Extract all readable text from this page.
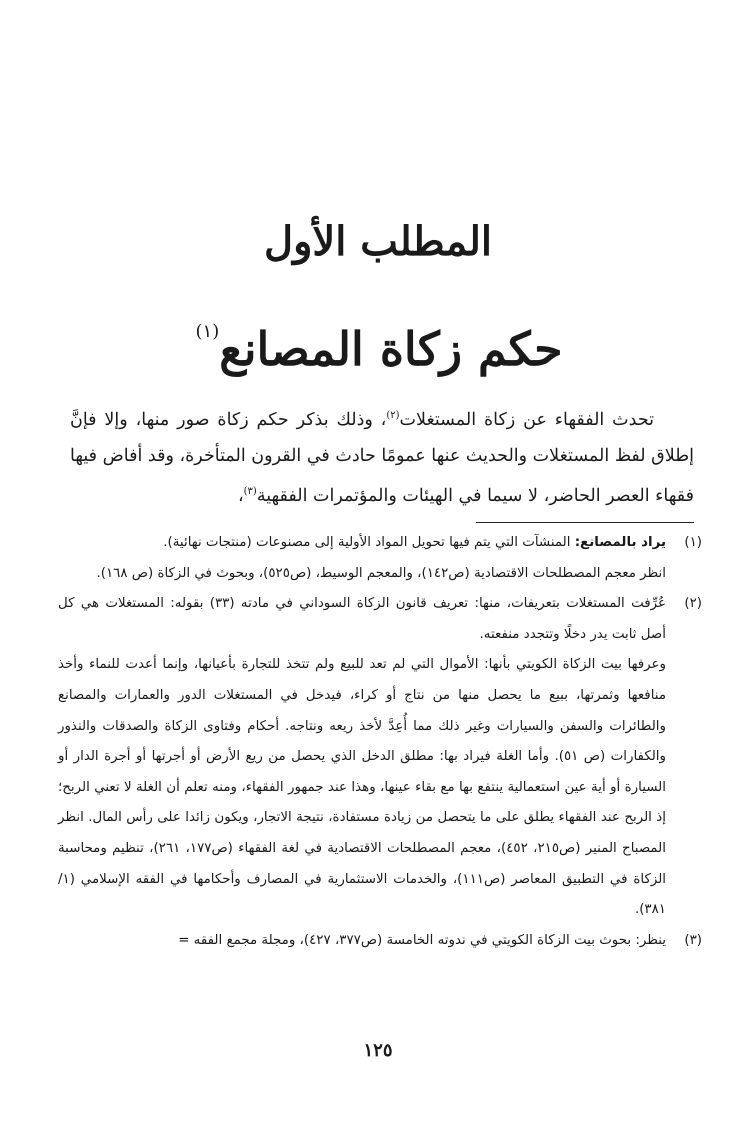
المطلب الأول
حكم زكاة المصانع$^{(١)}$

تحدث الفقهاء عن زكاة المستغلات$^{(٢)}$، وذلك بذكر حكم زكاة صور منها، وإلا فإنَّ إطلاق لفظ المستغلات والحديث عنها عمومًا حادث في القرون المتأخرة، وقد أفاض فيها فقهاء العصر الحاضر، لا سيما في الهيئات والمؤتمرات الفقهية$^{(٣)}$،

(١)

يراد بالمصانع: المنشآت التي يتم فيها تحويل المواد الأولية إلى مصنوعات (منتجات نهائية).

انظر معجم المصطلحات الاقتصادية (ص١٤٢)، والمعجم الوسيط، (ص٥٢٥)، وبحوث في الزكاة (ص ١٦٨).

(٢)

عُرِّفت المستغلات بتعريفات، منها: تعريف قانون الزكاة السوداني في مادته (٣٣) بقوله: المستغلات هي كل أصل ثابت يدر دخلًا وتتجدد منفعته.

وعرفها بيت الزكاة الكويتي بأنها: الأموال التي لم تعد للبيع ولم تتخذ للتجارة بأعيانها، وإنما أعدت للنماء وأخذ منافعها وثمرتها، ببيع ما يحصل منها من نتاج أو كراء، فيدخل في المستغلات الدور والعمارات والمصانع والطائرات والسفن والسيارات وغير ذلك مما أُعِدَّ لأخذ ريعه ونتاجه. أحكام وفتاوى الزكاة والصدقات والنذور والكفارات (ص ٥١). وأما الغلة فيراد بها: مطلق الدخل الذي يحصل من ريع الأرض أو أجرتها أو أجرة الدار أو السيارة أو أية عين استعمالية ينتفع بها مع بقاء عينها، وهذا عند جمهور الفقهاء، ومنه تعلم أن الغلة لا تعني الربح؛ إذ الربح عند الفقهاء يطلق على ما يتحصل من زيادة مستفادة، نتيجة الاتجار، ويكون زائدا على رأس المال. انظر المصباح المنير (ص٢١٥، ٤٥٢)، معجم المصطلحات الاقتصادية في لغة الفقهاء (ص١٧٧، ٢٦١)، تنظيم ومحاسبة الزكاة في التطبيق المعاصر (ص١١١)، والخدمات الاستثمارية في المصارف وأحكامها في الفقه الإسلامي (١/ ٣٨١).

(٣)

ينظر: بحوث بيت الزكاة الكويتي في ندوته الخامسة (ص٣٧٧، ٤٢٧)، ومجلة مجمع الفقه =

١٢٥
